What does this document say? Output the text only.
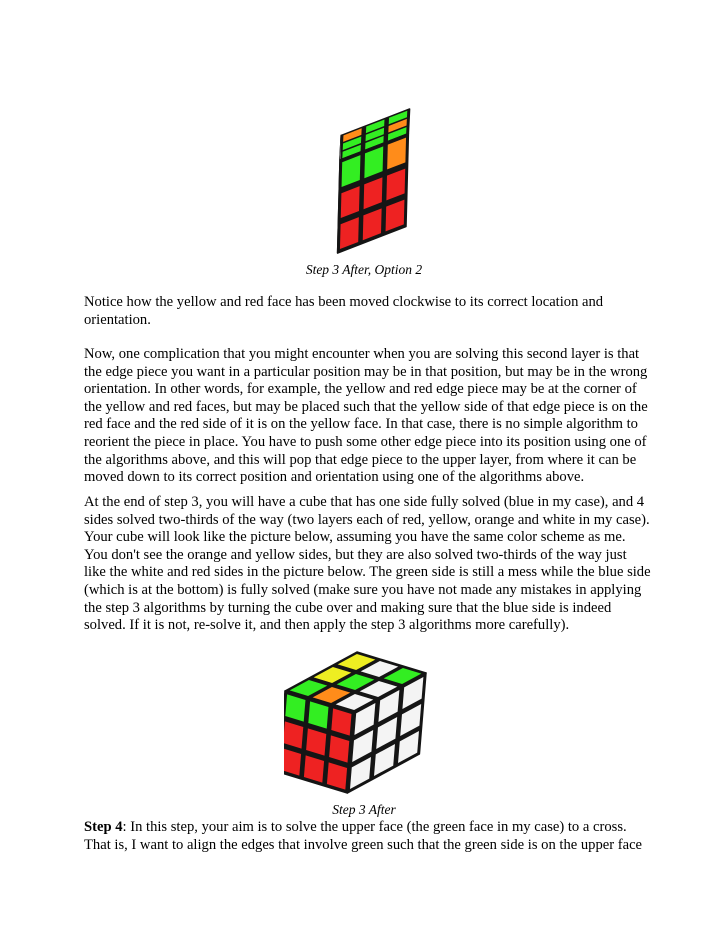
Step 3 After, Option 2

Notice how the yellow and red face has been moved clockwise to its correct location and
orientation.

Now, one complication that you might encounter when you are solving this second layer is that
the edge piece you want in a particular position may be in that position, but may be in the wrong
orientation. In other words, for example, the yellow and red edge piece may be at the corner of
the yellow and red faces, but may be placed such that the yellow side of that edge piece is on the
red face and the red side of it is on the yellow face. In that case, there is no simple algorithm to
reorient the piece in place. You have to push some other edge piece into its position using one of
the algorithms above, and this will pop that edge piece to the upper layer, from where it can be
moved down to its correct position and orientation using one of the algorithms above.

At the end of step 3, you will have a cube that has one side fully solved (blue in my case), and 4
sides solved two-thirds of the way (two layers each of red, yellow, orange and white in my case).
Your cube will look like the picture below, assuming you have the same color scheme as me.
You don't see the orange and yellow sides, but they are also solved two-thirds of the way just
like the white and red sides in the picture below. The green side is still a mess while the blue side
(which is at the bottom) is fully solved (make sure you have not made any mistakes in applying
the step 3 algorithms by turning the cube over and making sure that the blue side is indeed
solved. If it is not, re-solve it, and then apply the step 3 algorithms more carefully).

Step 3 After

Step 4: In this step, your aim is to solve the upper face (the green face in my case) to a cross.
That is, I want to align the edges that involve green such that the green side is on the upper face
